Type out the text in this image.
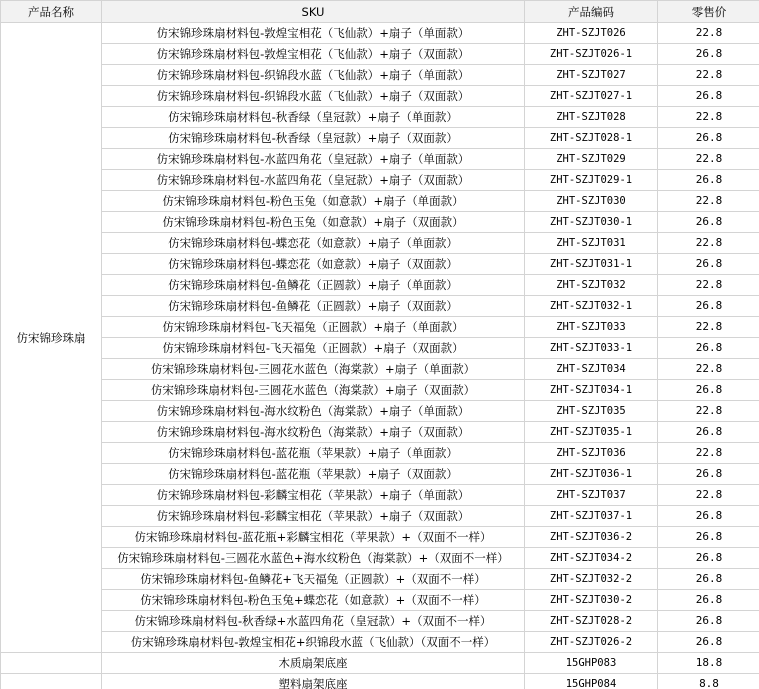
产品名称	SKU	产品编码	零售价
仿宋锦珍珠扇	仿宋锦珍珠扇材料包-敦煌宝相花（飞仙款）+扇子（单面款）	ZHT-SZJT026	22.8
	仿宋锦珍珠扇材料包-敦煌宝相花（飞仙款）+扇子（双面款）	ZHT-SZJT026-1	26.8
	仿宋锦珍珠扇材料包-织锦段水蓝（飞仙款）+扇子（单面款）	ZHT-SZJT027	22.8
	仿宋锦珍珠扇材料包-织锦段水蓝（飞仙款）+扇子（双面款）	ZHT-SZJT027-1	26.8
	仿宋锦珍珠扇材料包-秋香绿（皇冠款）+扇子（单面款）	ZHT-SZJT028	22.8
	仿宋锦珍珠扇材料包-秋香绿（皇冠款）+扇子（双面款）	ZHT-SZJT028-1	26.8
	仿宋锦珍珠扇材料包-水蓝四角花（皇冠款）+扇子（单面款）	ZHT-SZJT029	22.8
	仿宋锦珍珠扇材料包-水蓝四角花（皇冠款）+扇子（双面款）	ZHT-SZJT029-1	26.8
	仿宋锦珍珠扇材料包-粉色玉兔（如意款）+扇子（单面款）	ZHT-SZJT030	22.8
	仿宋锦珍珠扇材料包-粉色玉兔（如意款）+扇子（双面款）	ZHT-SZJT030-1	26.8
	仿宋锦珍珠扇材料包-蝶恋花（如意款）+扇子（单面款）	ZHT-SZJT031	22.8
	仿宋锦珍珠扇材料包-蝶恋花（如意款）+扇子（双面款）	ZHT-SZJT031-1	26.8
	仿宋锦珍珠扇材料包-鱼鳞花（正圆款）+扇子（单面款）	ZHT-SZJT032	22.8
	仿宋锦珍珠扇材料包-鱼鳞花（正圆款）+扇子（双面款）	ZHT-SZJT032-1	26.8
	仿宋锦珍珠扇材料包-飞天福兔（正圆款）+扇子（单面款）	ZHT-SZJT033	22.8
	仿宋锦珍珠扇材料包-飞天福兔（正圆款）+扇子（双面款）	ZHT-SZJT033-1	26.8
	仿宋锦珍珠扇材料包-三圆花水蓝色（海棠款）+扇子（单面款）	ZHT-SZJT034	22.8
	仿宋锦珍珠扇材料包-三圆花水蓝色（海棠款）+扇子（双面款）	ZHT-SZJT034-1	26.8
	仿宋锦珍珠扇材料包-海水纹粉色（海棠款）+扇子（单面款）	ZHT-SZJT035	22.8
	仿宋锦珍珠扇材料包-海水纹粉色（海棠款）+扇子（双面款）	ZHT-SZJT035-1	26.8
	仿宋锦珍珠扇材料包-蓝花瓶（苹果款）+扇子（单面款）	ZHT-SZJT036	22.8
	仿宋锦珍珠扇材料包-蓝花瓶（苹果款）+扇子（双面款）	ZHT-SZJT036-1	26.8
	仿宋锦珍珠扇材料包-彩麟宝相花（苹果款）+扇子（单面款）	ZHT-SZJT037	22.8
	仿宋锦珍珠扇材料包-彩麟宝相花（苹果款）+扇子（双面款）	ZHT-SZJT037-1	26.8
	仿宋锦珍珠扇材料包-蓝花瓶+彩麟宝相花（苹果款）+（双面不一样）	ZHT-SZJT036-2	26.8
	仿宋锦珍珠扇材料包-三圆花水蓝色+海水纹粉色（海棠款）+（双面不一样）	ZHT-SZJT034-2	26.8
	仿宋锦珍珠扇材料包-鱼鳞花+飞天福兔（正圆款）+（双面不一样）	ZHT-SZJT032-2	26.8
	仿宋锦珍珠扇材料包-粉色玉兔+蝶恋花（如意款）+（双面不一样）	ZHT-SZJT030-2	26.8
	仿宋锦珍珠扇材料包-秋香绿+水蓝四角花（皇冠款）+（双面不一样）	ZHT-SZJT028-2	26.8
	仿宋锦珍珠扇材料包-敦煌宝相花+织锦段水蓝（飞仙款）（双面不一样）	ZHT-SZJT026-2	26.8
	木质扇架底座	15GHP083	18.8
	塑料扇架底座	15GHP084	8.8
